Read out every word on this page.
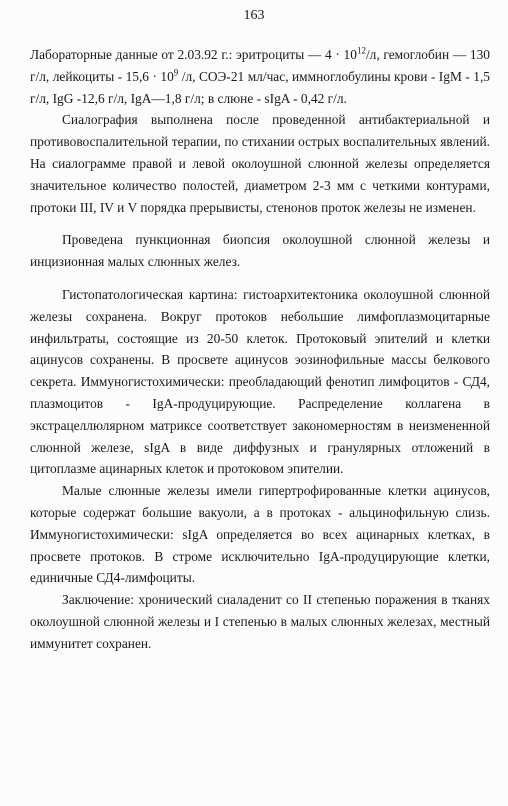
163

Лабораторные данные от 2.03.92 г.: эритроциты — $4 \cdot 10^{12}/л$, гемоглобин — 130 г/л, лейкоциты - $15,6 \cdot 10^9$ /л, СОЭ-21 мл/час, иммноглобулины крови - IgM - 1,5 г/л, IgG -12,6 г/л, IgA—1,8 г/л; в слюне - sIgA - 0,42 г/л.

Сиалография выполнена после проведенной антибактериальной и противовоспалительной терапии, по стихании острых воспалительных явлений. На сиалограмме правой и левой околоушной слюнной железы определяется значительное количество полостей, диаметром 2-3 мм с четкими контурами, протоки III, IV и V порядка прерывисты, стенонов проток железы не изменен.

Проведена пункционная биопсия околоушной слюнной железы и инцизионная малых слюнных желез.

Гистопатологическая картина: гистоархитектоника околоушной слюнной железы сохранена. Вокруг протоков небольшие лимфоплазмоцитарные инфильтраты, состоящие из 20-50 клеток. Протоковый эпителий и клетки ацинусов сохранены. В просвете ацинусов эозинофильные массы белкового секрета. Иммуногистохимически: преобладающий фенотип лимфоцитов - СД4, плазмоцитов - IgA-продуцирующие. Распределение коллагена в экстрацеллюлярном матриксе соответствует закономерностям в неизмененной слюнной железе, sIgA в виде диффузных и гранулярных отложений в цитоплазме ацинарных клеток и протоковом эпителии.

Малые слюнные железы имели гипертрофированные клетки ацинусов, которые содержат большие вакуоли, а в протоках - альцинофильную слизь. Иммуногистохимически: sIgA определяется во всех ацинарных клетках, в просвете протоков. В строме исключительно IgA-продуцирующие клетки, единичные СД4-лимфоциты.

Заключение: хронический сиаладенит со II степенью поражения в тканях околоушной слюнной железы и I степенью в малых слюнных железах, местный иммунитет сохранен.
